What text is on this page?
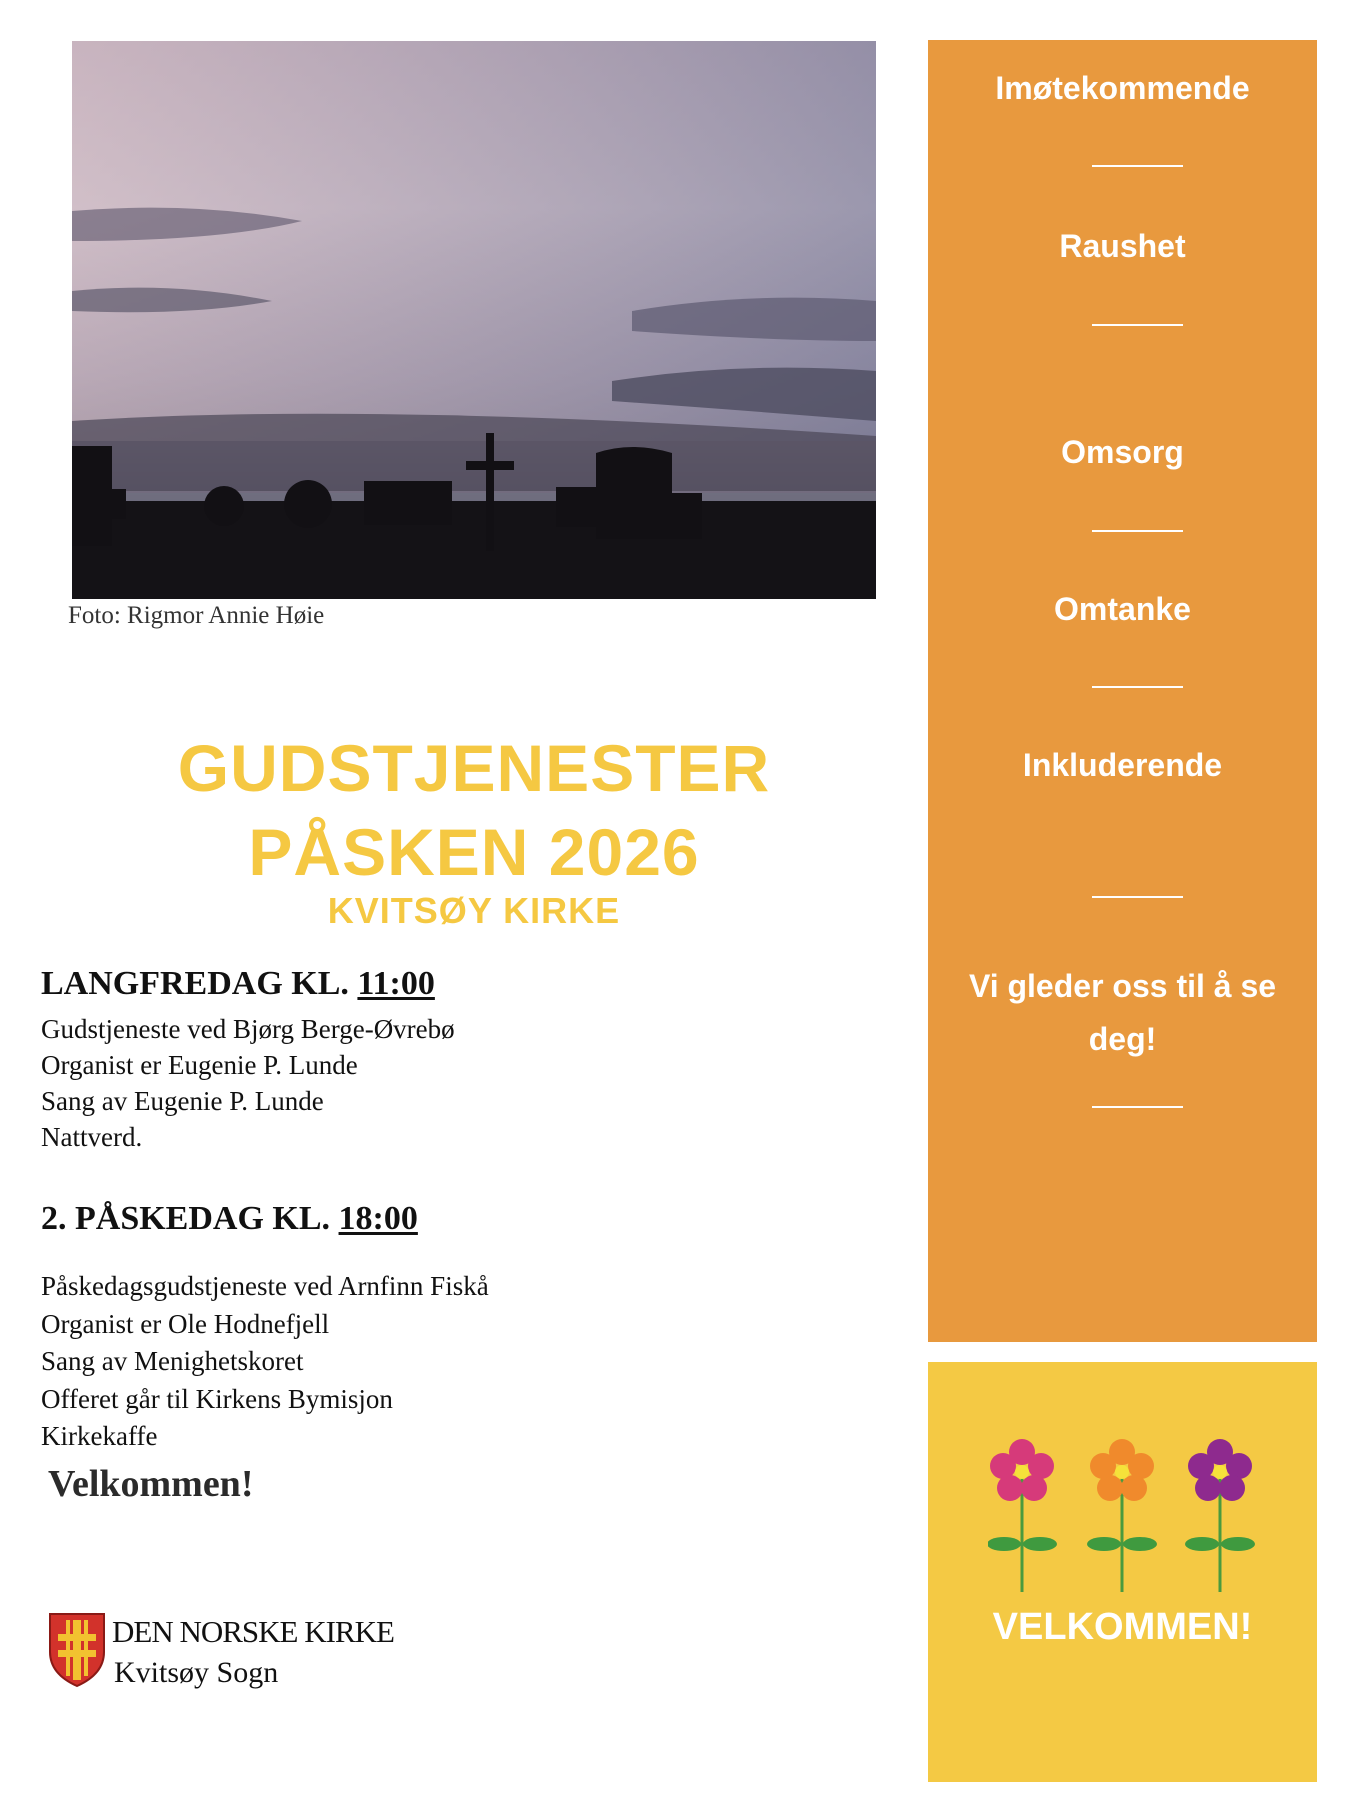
Foto: Rigmor Annie Høie
GUDSTJENESTER
PÅSKEN 2026
KVITSØY KIRKE
LANGFREDAG KL. 11:00
Gudstjeneste ved Bjørg Berge-Øvrebø
Organist er Eugenie P. Lunde
Sang av Eugenie P. Lunde
Nattverd.
2. PÅSKEDAG KL. 18:00
Påskedagsgudstjeneste ved Arnfinn Fiskå
Organist er Ole Hodnefjell
Sang av Menighetskoret
Offeret går til Kirkens Bymisjon
Kirkekaffe
Velkommen!
DEN NORSKE KIRKE
Kvitsøy Sogn
Imøtekommende
Raushet
Omsorg
Omtanke
Inkluderende
Vi gleder oss til å se deg!
VELKOMMEN!
